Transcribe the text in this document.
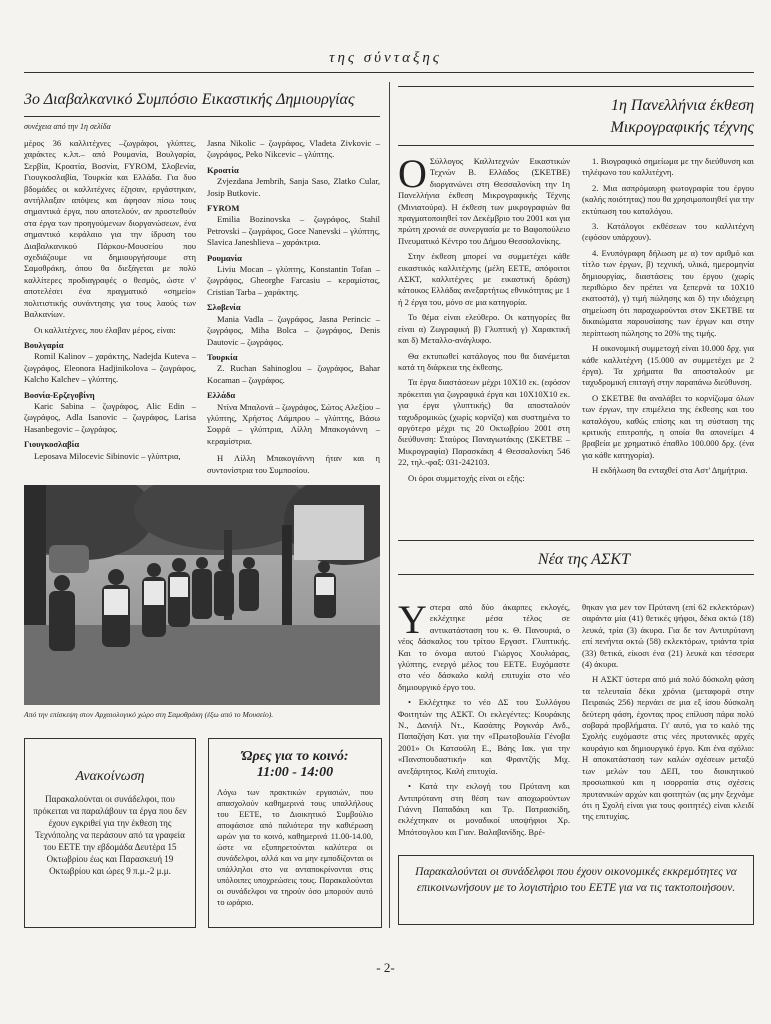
της σύνταξης
3ο Διαβαλκανικό Συμπόσιο Εικαστικής Δημιουργίας
συνέχεια από την 1η σελίδα

μέρος 36 καλλιτέχνες –ζωγράφοι, γλύπτες, χαράκτες κ.λπ.– από Ρουμανία, Βουλγαρία, Σερβία, Κροατία, Βοσνία, FYROM, Σλοβενία, Γιουγκοσλαβία, Τουρκία και Ελλάδα. Για δυο βδομάδες οι καλλιτέχνες έζησαν, εργάστηκαν, αντήλλαξαν απόψεις και άφησαν πίσω τους σημαντικά έργα, που αποτελούν, αν προστεθούν στα έργα των προηγούμενων διοργανώσεων, ένα σημαντικό κεφάλαιο για την ίδρυση του Διαβαλκανικού Πάρκου-Μουσείου που σχεδιάζουμε να δημιουργήσουμε στη Σαμοθράκη, όπου θα διεξάγεται με πολύ καλλίτερες προδιαγραφές ο θεσμός, ώστε ν' αποτελέσει ένα πραγματικό «σημείο» πολιτιστικής συνάντησης για τους λαούς των Βαλκανίων.

Οι καλλιτέχνες, που έλαβαν μέρος, είναι:

Βουλγαρία

Romil Kalinov – χαράκτης, Nadejda Kuteva – ζωγράφος, Eleonora Hadjinikolova – ζωγράφος, Kalcho Kalchev – γλύπτης.

Βοσνία-Ερζεγοβίνη

Karic Sabina – ζωγράφος, Alic Edin – ζωγράφος, Adla Isanovic – ζωγράφος, Larisa Hasanbegovic – ζωγράφος.

Γιουγκοσλαβία

Leposava Milocevic Sibinovic – γλύπτρια,

Jasna Nikolic – ζωγράφος, Vladeta Zivkovic – ζωγράφος, Peko Nikcevic – γλύπτης.

Κροατία

Zvjezdana Jembrih, Sanja Saso, Zlatko Cular, Josip Butkovic.

FYROM

Emilia Bozinovska – ζωγράφος, Stahil Petrovski – ζωγράφος, Goce Nanevski – γλύπτης, Slavica Janeshlieva – χαράκτρια.

Ρουμανία

Liviu Mocan – γλύπτης, Konstantin Tofan – ζωγράφος, Gheorghe Farcasiu – κεραμίστας, Cristian Tarba – χαράκτης.

Σλοβενία

Mania Vadla – ζωγράφος, Jasna Perincic – ζωγράφος, Miha Bolca – ζωγράφος, Denis Dautovic – ζωγράφος.

Τουρκία

Z. Ruchan Sahinoglou – ζωγράφος, Bahar Kocaman – ζωγράφος.

Ελλάδα

Ντίνα Μπαλονά – ζωγράφος, Σώτος Αλεξίου – γλύπτης, Χρήστος Λάμπρου – γλύπτης, Βάσω Σοφρά – γλύπτρια, Λίλλη Μπακογιάννη – κεραμίστρια.

Η Λίλλη Μπακογιάννη ήταν και η συντονίστρια του Συμποσίου.

Από την επίσκεψη στον Αρχαιολογικό χώρο στη Σαμοθράκη (έξω από το Μουσείο).
Ανακοίνωση
Παρακαλούνται οι συνάδελφοι, που πρόκειται να παραλάβουν τα έργα που δεν έχουν εγκριθεί για την έκθεση της Τεχνόπολης να περάσουν από τα γραφεία του ΕΕΤΕ την εβδομάδα Δευτέρα 15 Οκτωβρίου έως και Παρασκευή 19 Οκτωβρίου και ώρες 9 π.μ.-2 μ.μ.
Ώρες για το κοινό:
11:00 - 14:00
Λόγω των πρακτικών εργασιών, που απασχολούν καθημερινά τους υπαλλήλους του ΕΕΤΕ, το Διοικητικό Συμβούλιο αποφάσισε από παλιότερα την καθιέρωση ωρών για το κοινό, καθημερινά 11.00-14.00, ώστε να εξυπηρετούνται καλύτερα οι συνάδελφοι, αλλά και να μην εμποδίζονται οι υπάλληλοι στο να ανταποκρίνονται στις υπόλοιπες υποχρεώσεις τους. Παρακαλούνται οι συνάδελφοι να τηρούν όσο μπορούν αυτό το ωράριο.
1η Πανελλήνια έκθεση
Μικρογραφικής τέχνης

Ο Σύλλογος Καλλιτεχνών Εικαστικών Τεχνών Β. Ελλάδος (ΣΚΕΤΒΕ) διοργανώνει στη Θεσσαλονίκη την 1η Πανελλήνια έκθεση Μικρογραφικής Τέχνης (Μινιατούρα). Η έκθεση των μικρογραφιών θα πραγματοποιηθεί τον Δεκέμβριο του 2001 και για πρώτη χρονιά σε συνεργασία με το Βαφοπούλειο Πνευματικό Κέντρο του Δήμου Θεσσαλονίκης.

Στην έκθεση μπορεί να συμμετέχει κάθε εικαστικός καλλιτέχνης (μέλη ΕΕΤΕ, απόφοιτοι ΑΣΚΤ, καλλιτέχνες με εικαστική δράση) κάτοικος Ελλάδας ανεξαρτήτως εθνικότητας με 1 ή 2 έργα του, μόνο σε μια κατηγορία.

Το θέμα είναι ελεύθερο. Οι κατηγορίες θα είναι α) Ζωγραφική β) Γλυπτική γ) Χαρακτική και δ) Μεταλλο-ανάγλυφο.

Θα εκτυπωθεί κατάλογος που θα διανέμεται κατά τη διάρκεια της έκθεσης.

Τα έργα διαστάσεων μέχρι 10Χ10 εκ. (εφόσον πρόκειται για ζωγραφικά έργα και 10Χ10Χ10 εκ. για έργα γλυπτικής) θα αποσταλούν ταχυδρομικώς (χωρίς κορνίζα) και συστημένα το αργότερο μέχρι τις 20 Οκτωβρίου 2001 στη διεύθυνση: Σταύρος Παναγιωτάκης (ΣΚΕΤΒΕ – Μικρογραφία) Παρασκάκη 4 Θεσσαλονίκη 546 22, τηλ.-φαξ: 031-242103.

Οι όροι συμμετοχής είναι οι εξής:

1. Βιογραφικό σημείωμα με την διεύθυνση και τηλέφωνο του καλλιτέχνη.

2. Μια ασπρόμαυρη φωτογραφία του έργου (καλής ποιότητας) που θα χρησιμοποιηθεί για την εκτύπωση του καταλόγου.

3. Κατάλογοι εκθέσεων του καλλιτέχνη (εφόσον υπάρχουν).

4. Ενυπόγραφη δήλωση με α) τον αριθμό και τίτλο των έργων, β) τεχνική, υλικά, ημερομηνία δημιουργίας, διαστάσεις του έργου (χωρίς περιθώριο δεν πρέπει να ξεπερνά τα 10Χ10 εκατοστά), γ) τιμή πώλησης και δ) την ιδιόχειρη σημείωση ότι παραχωρούνται στον ΣΚΕΤΒΕ τα δικαιώματα παρουσίασης των έργων και στην περίπτωση πώλησης το 20% της τιμής.

Η οικονομική συμμετοχή είναι 10.000 δρχ. για κάθε καλλιτέχνη (15.000 αν συμμετέχει με 2 έργα). Τα χρήματα θα αποσταλούν με ταχυδρομική επιταγή στην παραπάνω διεύθυνση.

Ο ΣΚΕΤΒΕ θα αναλάβει το κορνίζωμα όλων των έργων, την επιμέλεια της έκθεσης και του καταλόγου, καθώς επίσης και τη σύσταση της κριτικής επιτροπής, η οποία θα απονείμει 4 βραβεία με χρηματικό έπαθλο 100.000 δρχ. (ένα για κάθε κατηγορία).

Η εκδήλωση θα ενταχθεί στα Αστ' Δημήτρια.

Νέα της ΑΣΚΤ

Υστερα από δύο άκαρπες εκλογές, εκλέχτηκε μέσα τέλος σε αντικατάσταση του κ. Θ. Πανουριά, ο νέος δάσκαλος του τρίτου Εργαστ. Γλυπτικής. Και το όνομα αυτού Γιώργος Χουλιάρας, γλύπτης, ενεργό μέλος του ΕΕΤΕ. Ευχόμαστε στο νέο δάσκαλο καλή επιτυχία στο νέο δημιουργικό έργο του.

• Εκλέχτηκε το νέο ΔΣ του Συλλόγου Φοιτητών της ΑΣΚΤ. Οι εκλεγέντες: Κουράκης Ν., Δανιήλ Ντ., Κασάπης Ρογκνάρ Ανδ., Παπαζήση Κατ. για την «Πρωτοβουλία Γένοβα 2001» Οι Κατσούλη Ε., Βάης Ιακ. για την «Πανσπουδαστική» και Φραντζής Μιχ. ανεξάρτητος. Καλή επιτυχία.

• Κατά την εκλογή του Πρύτανη και Αντιπρύτανη στη θέση των αποχωρούντων Γιάννη Παπαδάκη και Τρ. Πατρασκίδη, εκλέχτηκαν οι μοναδικοί υποψήφιοι Χρ. Μπότσογλου και Γιαν. Βαλαβανίδης. Βρέ-

θηκαν για μεν τον Πρύτανη (επί 62 εκλεκτόρων) σαράντα μία (41) θετικές ψήφοι, δέκα οκτώ (18) λευκά, τρία (3) άκυρα. Για δε τον Αντιπρύτανη επί πενήντα οκτώ (58) εκλεκτόρων, τριάντα τρία (33) θετικά, είκοσι ένα (21) λευκά και τέσσερα (4) άκυρα.

Η ΑΣΚΤ ύστερα από μιά πολύ δύσκολη φάση τα τελευταία δέκα χρόνια (μεταφορά στην Πειραιώς 256) περνάει σε μια εξ ίσου δύσκολη δεύτερη φάση, έχοντας προς επίλυση πάρα πολύ σοβαρά προβλήματα. Γι' αυτό, για το καλό της Σχολής ευχόμαστε στις νέες πρυτανικές αρχές κουράγιο και δημιουργικό έργο. Και ένα σχόλιο: Η αποκατάσταση των καλών σχέσεων μεταξύ των μελών του ΔΕΠ, του διοικητικού προσωπικού και η ισορροπία στις σχέσεις πρυτανικών αρχών και φοιτητών (ας μην ξεχνάμε ότι η Σχολή είναι για τους φοιτητές) είναι κλειδί της επιτυχίας.

Παρακαλούνται οι συνάδελφοι που έχουν οικονομικές εκκρεμότητες να επικοινωνήσουν με το λογιστήριο του ΕΕΤΕ για να τις τακτοποιήσουν.
- 2-
